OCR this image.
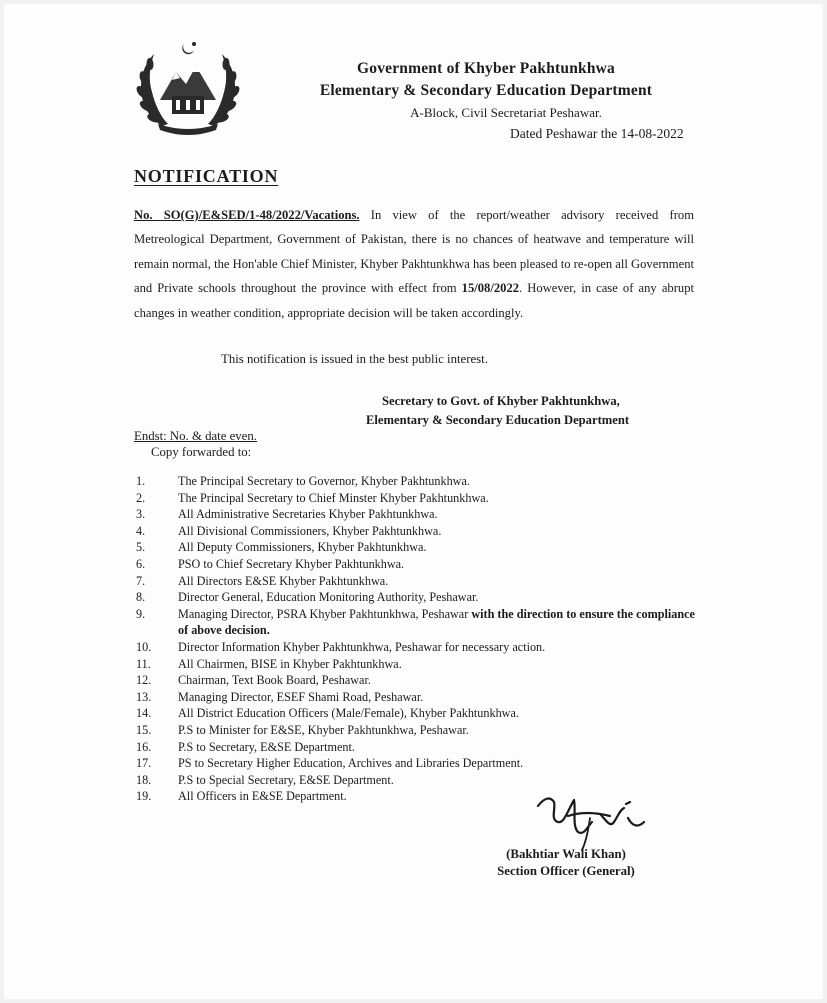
Government of Khyber Pakhtunkhwa
Elementary & Secondary Education Department
A-Block, Civil Secretariat Peshawar.
Dated Peshawar the 14-08-2022
NOTIFICATION
No. SO(G)/E&SED/1-48/2022/Vacations. In view of the report/weather advisory received from Metreological Department, Government of Pakistan, there is no chances of heatwave and temperature will remain normal, the Hon'able Chief Minister, Khyber Pakhtunkhwa has been pleased to re-open all Government and Private schools throughout the province with effect from 15/08/2022. However, in case of any abrupt changes in weather condition, appropriate decision will be taken accordingly.
This notification is issued in the best public interest.
Secretary to Govt. of Khyber Pakhtunkhwa,
Elementary & Secondary Education Department
Endst: No. & date even.
Copy forwarded to:
1.	The Principal Secretary to Governor, Khyber Pakhtunkhwa.
2.	The Principal Secretary to Chief Minster Khyber Pakhtunkhwa.
3.	All Administrative Secretaries Khyber Pakhtunkhwa.
4.	All Divisional Commissioners, Khyber Pakhtunkhwa.
5.	All Deputy Commissioners, Khyber Pakhtunkhwa.
6.	PSO to Chief Secretary Khyber Pakhtunkhwa.
7.	All Directors E&SE Khyber Pakhtunkhwa.
8.	Director General, Education Monitoring Authority, Peshawar.
9.	Managing Director, PSRA Khyber Pakhtunkhwa, Peshawar with the direction to ensure the compliance of above decision.
10.	Director Information Khyber Pakhtunkhwa, Peshawar for necessary action.
11.	All Chairmen, BISE in Khyber Pakhtunkhwa.
12.	Chairman, Text Book Board, Peshawar.
13.	Managing Director, ESEF Shami Road, Peshawar.
14.	All District Education Officers (Male/Female), Khyber Pakhtunkhwa.
15.	P.S to Minister for E&SE, Khyber Pakhtunkhwa, Peshawar.
16.	P.S to Secretary, E&SE Department.
17.	PS to Secretary Higher Education, Archives and Libraries Department.
18.	P.S to Special Secretary, E&SE Department.
19.	All Officers in E&SE Department.
(Bakhtiar Wali Khan)
Section Officer (General)
